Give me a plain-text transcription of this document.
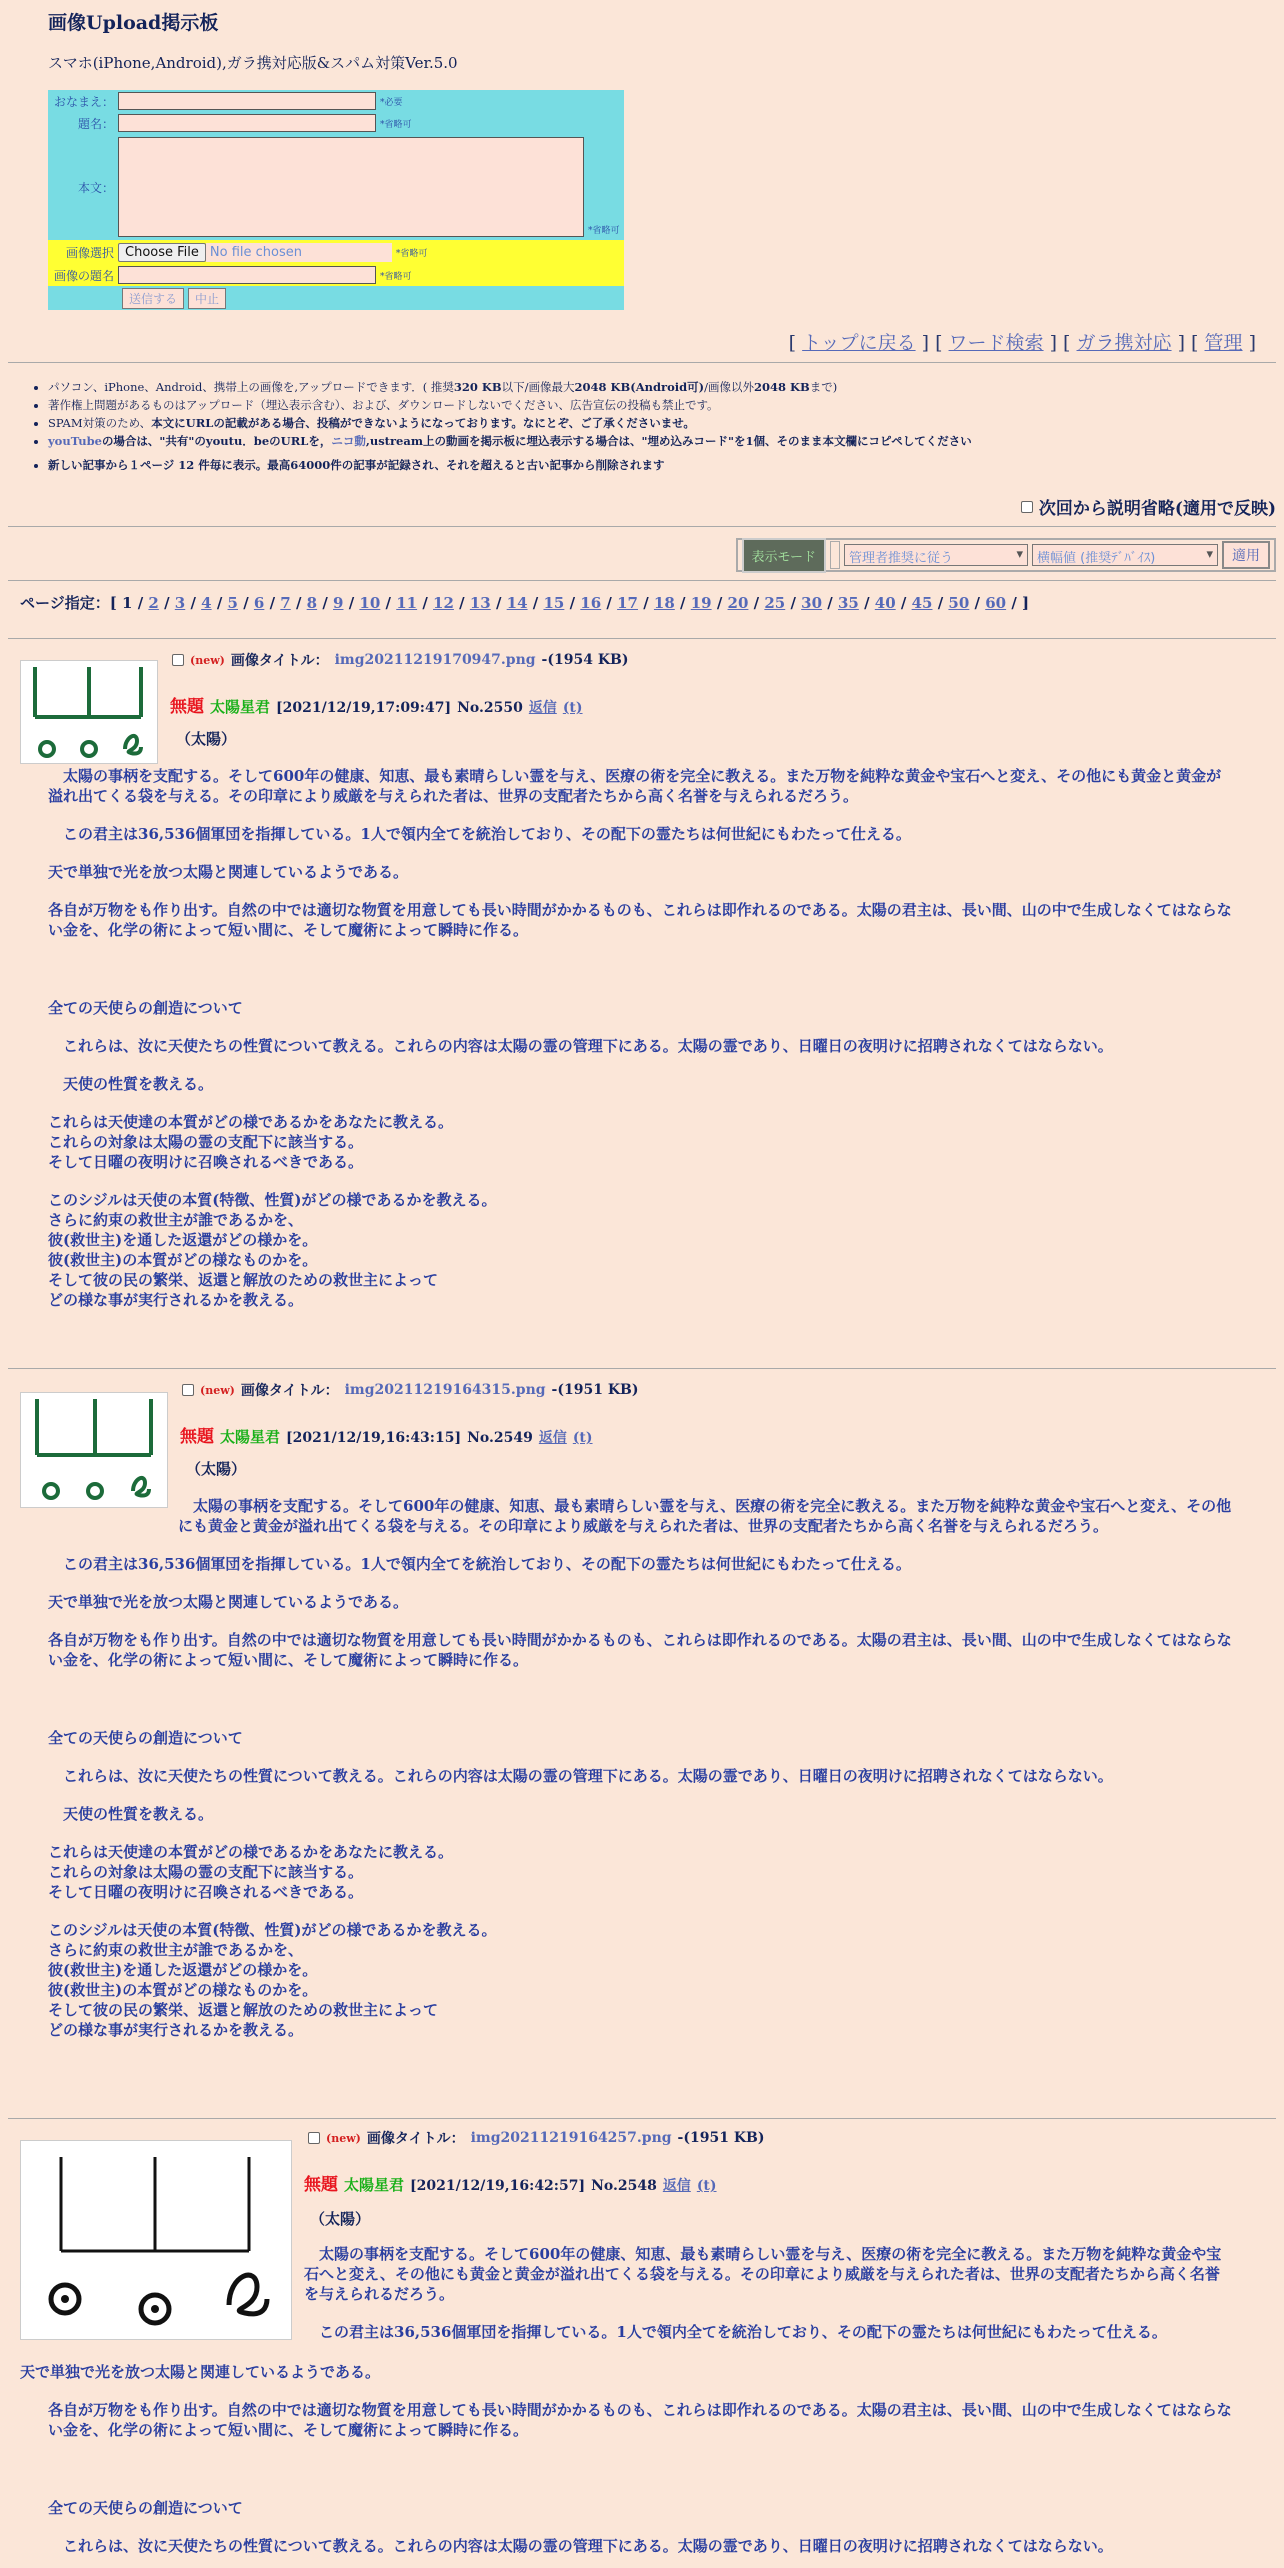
画像Upload掲示板
スマホ(iPhone,Android),ガラ携対応版&スパム対策Ver.5.0
おなまえ：	*必要
題名：	*省略可
本文：
*省略可
画像選択 Choose File No file chosen	*省略可
画像の題名	*省略可
送信する	中止
[ トップに戻る ] [ ワード検索 ] [ ガラ携対応 ] [ 管理 ]
• パソコン、iPhone、Android、携帯上の画像を,アップロードできます．( 推奨320 KB以下/画像最大2048 KB(Android可)/画像以外2048 KBまで)
• 著作権上問題があるものはアップロード（埋込表示含む）、および、ダウンロードしないでください、広告宣伝の投稿も禁止です。
• SPAM対策のため、本文にURLの記載がある場合、投稿ができないようになっております。なにとぞ、ご了承くださいませ。
• youTubeの場合は、"共有"のyoutu．beのURLを，ニコ動,ustream上の動画を掲示板に埋込表示する場合は、"埋め込みコード"を1個、そのまま本文欄にコピペしてください
• 新しい記事から１ページ 12 件毎に表示。最高64000件の記事が記録され、それを超えると古い記事から削除されます
次回から説明省略(適用で反映)
表示モード	管理者推奨に従う	▾	横幅値 (推奨ﾃﾞﾊﾞｲｽ)	▾	適用
ページ指定：[ 1 / 2 / 3 / 4 / 5 / 6 / 7 / 8 / 9 / 10 / 11 / 12 / 13 / 14 / 15 / 16 / 17 / 18 / 19 / 20 / 25 / 30 / 35 / 40 / 45 / 50 / 60 / ]
(new) 画像タイトル： img20211219170947.png -(1954 KB)
無題 太陽星君 [2021/12/19,17:09:47] No.2550 返信 (t)
（太陽）

　太陽の事柄を支配する。そして600年の健康、知恵、最も素晴らしい霊を与え、医療の術を完全に教える。また万物を純粋な黄金や宝石へと変え、その他にも黄金と黄金が溢れ出てくる袋を与える。その印章により威厳を与えられた者は、世界の支配者たちから高く名誉を与えられるだろう。

　この君主は36,536個軍団を指揮している。1人で領内全てを統治しており、その配下の霊たちは何世紀にもわたって仕える。

天で単独で光を放つ太陽と関連しているようである。

各自が万物をも作り出す。自然の中では適切な物質を用意しても長い時間がかかるものも、これらは即作れるのである。太陽の君主は、長い間、山の中で生成しなくてはならない金を、化学の術によって短い間に、そして魔術によって瞬時に作る。

全ての天使らの創造について

　これらは、汝に天使たちの性質について教える。これらの内容は太陽の霊の管理下にある。太陽の霊であり、日曜日の夜明けに招聘されなくてはならない。

　天使の性質を教える。

これらは天使達の本質がどの様であるかをあなたに教える。

これらの対象は太陽の霊の支配下に該当する。

そして日曜の夜明けに召喚されるべきである。

このシジルは天使の本質(特徴、性質)がどの様であるかを教える。

さらに約束の救世主が誰であるかを、

彼(救世主)を通した返還がどの様かを。

彼(救世主)の本質がどの様なものかを。

そして彼の民の繁栄、返還と解放のための救世主によって

どの様な事が実行されるかを教える。

(new) 画像タイトル： img20211219164315.png -(1951 KB)
無題 太陽星君 [2021/12/19,16:43:15] No.2549 返信 (t)
（太陽）

　太陽の事柄を支配する。そして600年の健康、知恵、最も素晴らしい霊を与え、医療の術を完全に教える。また万物を純粋な黄金や宝石へと変え、その他にも黄金と黄金が溢れ出てくる袋を与える。その印章により威厳を与えられた者は、世界の支配者たちから高く名誉を与えられるだろう。

　この君主は36,536個軍団を指揮している。1人で領内全てを統治しており、その配下の霊たちは何世紀にもわたって仕える。

天で単独で光を放つ太陽と関連しているようである。

各自が万物をも作り出す。自然の中では適切な物質を用意しても長い時間がかかるものも、これらは即作れるのである。太陽の君主は、長い間、山の中で生成しなくてはならない金を、化学の術によって短い間に、そして魔術によって瞬時に作る。

全ての天使らの創造について

　これらは、汝に天使たちの性質について教える。これらの内容は太陽の霊の管理下にある。太陽の霊であり、日曜日の夜明けに招聘されなくてはならない。

　天使の性質を教える。

これらは天使達の本質がどの様であるかをあなたに教える。

これらの対象は太陽の霊の支配下に該当する。

そして日曜の夜明けに召喚されるべきである。

このシジルは天使の本質(特徴、性質)がどの様であるかを教える。

さらに約束の救世主が誰であるかを、

彼(救世主)を通した返還がどの様かを。

彼(救世主)の本質がどの様なものかを。

そして彼の民の繁栄、返還と解放のための救世主によって

どの様な事が実行されるかを教える。

(new) 画像タイトル： img20211219164257.png -(1951 KB)
無題 太陽星君 [2021/12/19,16:42:57] No.2548 返信 (t)
（太陽）

　太陽の事柄を支配する。そして600年の健康、知恵、最も素晴らしい霊を与え、医療の術を完全に教える。また万物を純粋な黄金や宝石へと変え、その他にも黄金と黄金が溢れ出てくる袋を与える。その印章により威厳を与えられた者は、世界の支配者たちから高く名誉を与えられるだろう。

　この君主は36,536個軍団を指揮している。1人で領内全てを統治しており、その配下の霊たちは何世紀にもわたって仕える。

天で単独で光を放つ太陽と関連しているようである。

各自が万物をも作り出す。自然の中では適切な物質を用意しても長い時間がかかるものも、これらは即作れるのである。太陽の君主は、長い間、山の中で生成しなくてはならない金を、化学の術によって短い間に、そして魔術によって瞬時に作る。

全ての天使らの創造について

　これらは、汝に天使たちの性質について教える。これらの内容は太陽の霊の管理下にある。太陽の霊であり、日曜日の夜明けに招聘されなくてはならない。
